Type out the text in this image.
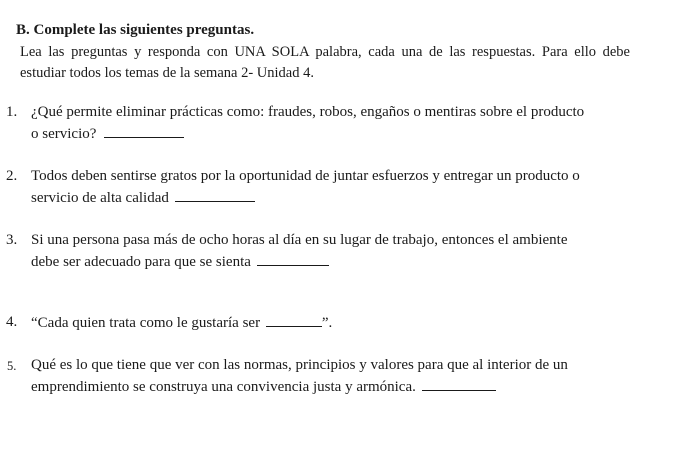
B. Complete las siguientes preguntas.

Lea las preguntas y responda con UNA SOLA palabra, cada una de las respuestas. Para ello debe estudiar todos los temas de la semana 2- Unidad 4.

1. ¿Qué permite eliminar prácticas como: fraudes, robos, engaños o mentiras sobre el producto
o servicio?
2. Todos deben sentirse gratos por la oportunidad de juntar esfuerzos y entregar un producto o
servicio de alta calidad
3. Si una persona pasa más de ocho horas al día en su lugar de trabajo, entonces el ambiente
debe ser adecuado para que se sienta
4. “Cada quien trata como le gustaría ser	”.
5. Qué es lo que tiene que ver con las normas, principios y valores para que al interior de un
emprendimiento se construya una convivencia justa y armónica.
